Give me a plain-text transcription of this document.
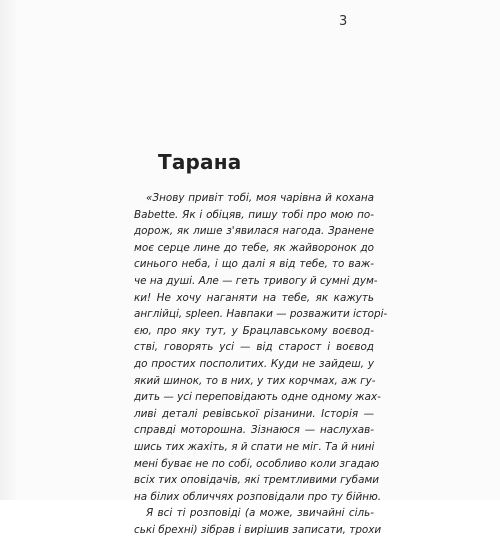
3
Тарана
«Знову привіт тобі, моя чарівна й кохана
Babette. Як і обіцяв, пишу тобі про мою по-
дорож, як лише з'явилася нагода. Зранене
моє серце лине до тебе, як жайворонок до
синього неба, і що далі я від тебе, то важ-
че на душі. Але — геть тривогу й сумні дум-
ки! Не хочу наганяти на тебе, як кажуть
англійці, spleen. Навпаки — розважити історі-
єю, про яку тут, у Брацлавському воєвод-
стві, говорять усі — від старост і воєвод
до простих посполитих. Куди не зайдеш, у
який шинок, то в них, у тих корчмах, аж гу-
дить — усі переповідають одне одному жах-
ливі деталі ревівської різанини. Історія —
справді моторошна. Зізнаюся — наслухав-
шись тих жахіть, я й спати не міг. Та й нині
мені буває не по собі, особливо коли згадаю
всіх тих оповідачів, які тремтливими губами
на білих обличчях розповідали про ту бійню.
Я всі ті розповіді (а може, звичайні сіль-
ські брехні) зібрав і вирішив записати, трохи
